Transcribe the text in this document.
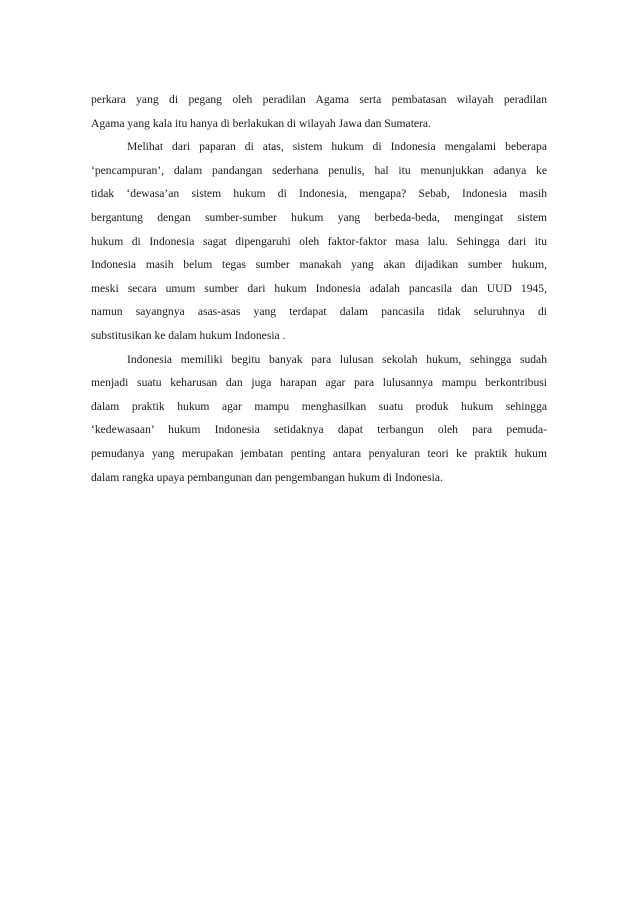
perkara yang di pegang oleh peradilan Agama serta pembatasan wilayah peradilan
Agama yang kala itu hanya di berlakukan di wilayah Jawa dan Sumatera.
Melihat dari paparan di atas, sistem hukum di Indonesia mengalami beberapa
‘pencampuran’, dalam pandangan sederhana penulis, hal itu menunjukkan adanya ke
tidak ‘dewasa’an sistem hukum di Indonesia, mengapa? Sebab, Indonesia masih
bergantung dengan sumber-sumber hukum yang berbeda-beda, mengingat sistem
hukum di Indonesia sagat dipengaruhi oleh faktor-faktor masa lalu. Sehingga dari itu
Indonesia masih belum tegas sumber manakah yang akan dijadikan sumber hukum,
meski secara umum sumber dari hukum Indonesia adalah pancasila dan UUD 1945,
namun sayangnya asas-asas yang terdapat dalam pancasila tidak seluruhnya di
substitusikan ke dalam hukum Indonesia .
Indonesia memiliki begitu banyak para lulusan sekolah hukum, sehingga sudah
menjadi suatu keharusan dan juga harapan agar para lulusannya mampu berkontribusi
dalam praktik hukum agar mampu menghasilkan suatu produk hukum sehingga
‘kedewasaan’ hukum Indonesia setidaknya dapat terbangun oleh para pemuda-
pemudanya yang merupakan jembatan penting antara penyaluran teori ke praktik hukum
dalam rangka upaya pembangunan dan pengembangan hukum di Indonesia.
